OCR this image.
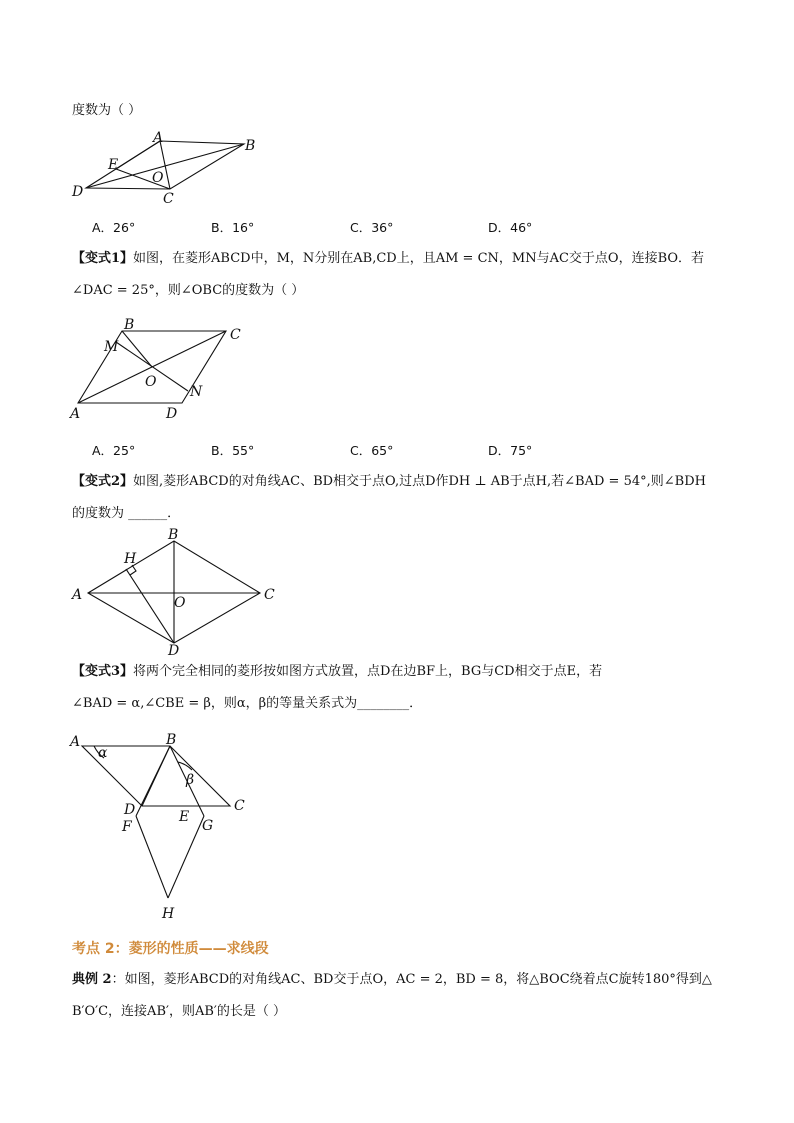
度数为（ ）
A	B
C
D
E
O
A．26°	B．16°	C．36°	D．46°
【变式1】如图，在菱形ABCD中，M，N分别在AB,CD上，且AM = CN，MN与AC交于点O，连接BO．若
∠DAC = 25°，则∠OBC的度数为（ ）
B
C
M
O
N
A	D
A．25°	B．55°	C．65°	D．75°
【变式2】如图,菱形ABCD的对角线AC、BD相交于点O,过点D作DH ⊥ AB于点H,若∠BAD = 54°,则∠BDH
的度数为 ______．
B
H
A	C
O
D
【变式3】将两个完全相同的菱形按如图方式放置，点D在边BF上，BG与CD相交于点E，若
∠BAD = α,∠CBE = β，则α，β的等量关系式为________．
A	B
α
β
D	C
E
F	G
H
考点 2：菱形的性质——求线段
典例 2：如图，菱形ABCD的对角线AC、BD交于点O，AC = 2，BD = 8，将△BOC绕着点C旋转180°得到△
B′O′C，连接AB′，则AB′的长是（ ）
